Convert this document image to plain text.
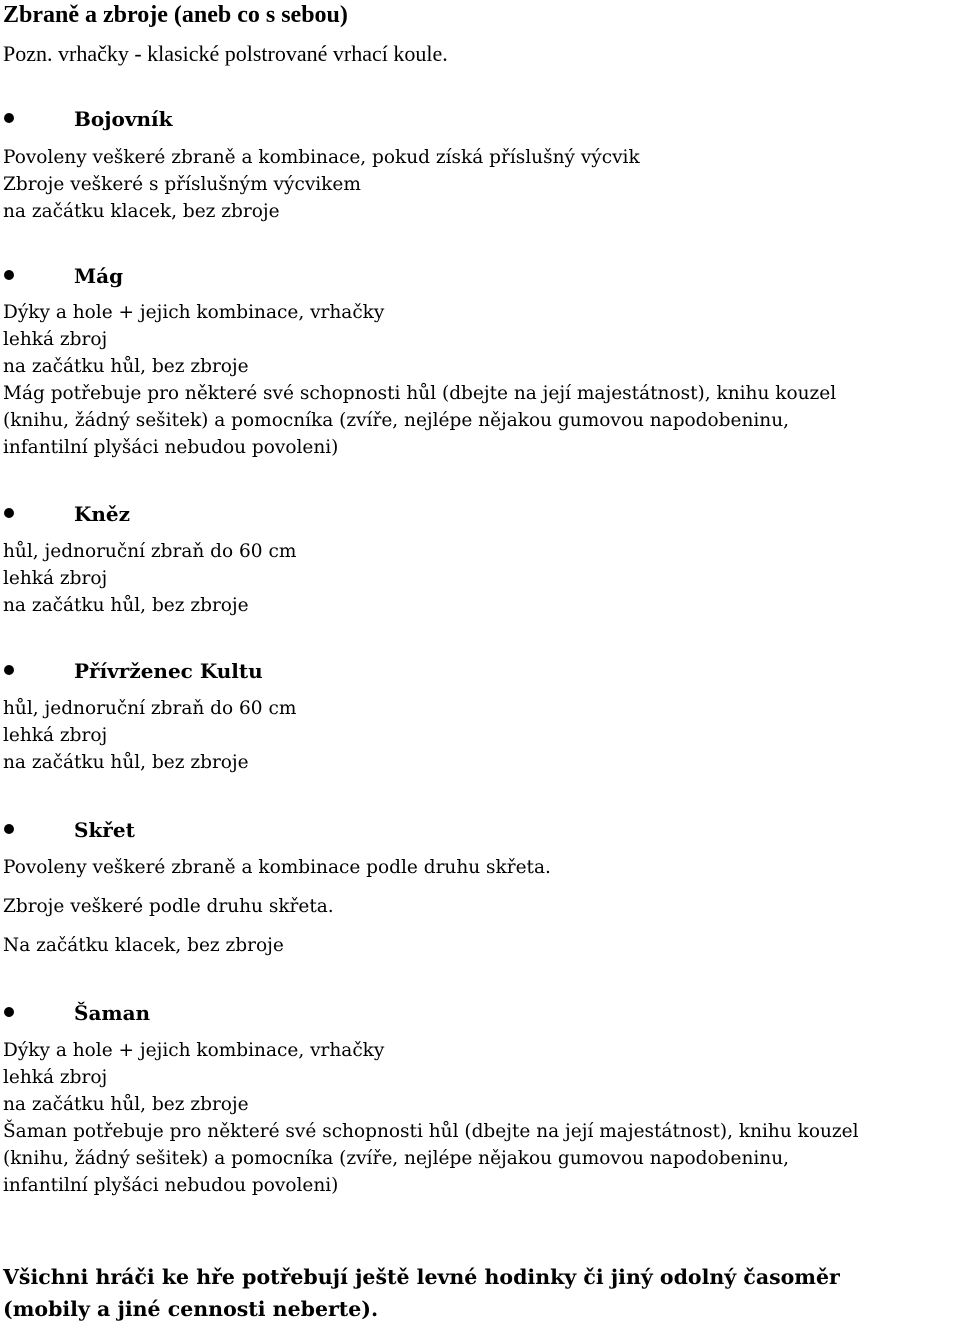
Zbraně a zbroje (aneb co s sebou)

Pozn. vrhačky - klasické polstrované vrhací koule.

Bojovník
Povoleny veškeré zbraně a kombinace, pokud získá příslušný výcvik
Zbroje veškeré s příslušným výcvikem
na začátku klacek, bez zbroje
Mág
Dýky a hole + jejich kombinace, vrhačky
lehká zbroj
na začátku hůl, bez zbroje
Mág potřebuje pro některé své schopnosti hůl (dbejte na její majestátnost), knihu kouzel
(knihu, žádný sešitek) a pomocníka (zvíře, nejlépe nějakou gumovou napodobeninu,
infantilní plyšáci nebudou povoleni)
Kněz
hůl, jednoruční zbraň do 60 cm
lehká zbroj
na začátku hůl, bez zbroje
Přívrženec Kultu
hůl, jednoruční zbraň do 60 cm
lehká zbroj
na začátku hůl, bez zbroje
Skřet
Povoleny veškeré zbraně a kombinace podle druhu skřeta.
Zbroje veškeré podle druhu skřeta.
Na začátku klacek, bez zbroje
Šaman
Dýky a hole + jejich kombinace, vrhačky
lehká zbroj
na začátku hůl, bez zbroje
Šaman potřebuje pro některé své schopnosti hůl (dbejte na její majestátnost), knihu kouzel
(knihu, žádný sešitek) a pomocníka (zvíře, nejlépe nějakou gumovou napodobeninu,
infantilní plyšáci nebudou povoleni)
Všichni hráči ke hře potřebují ještě levné hodinky či jiný odolný časoměr
(mobily a jiné cennosti neberte).
